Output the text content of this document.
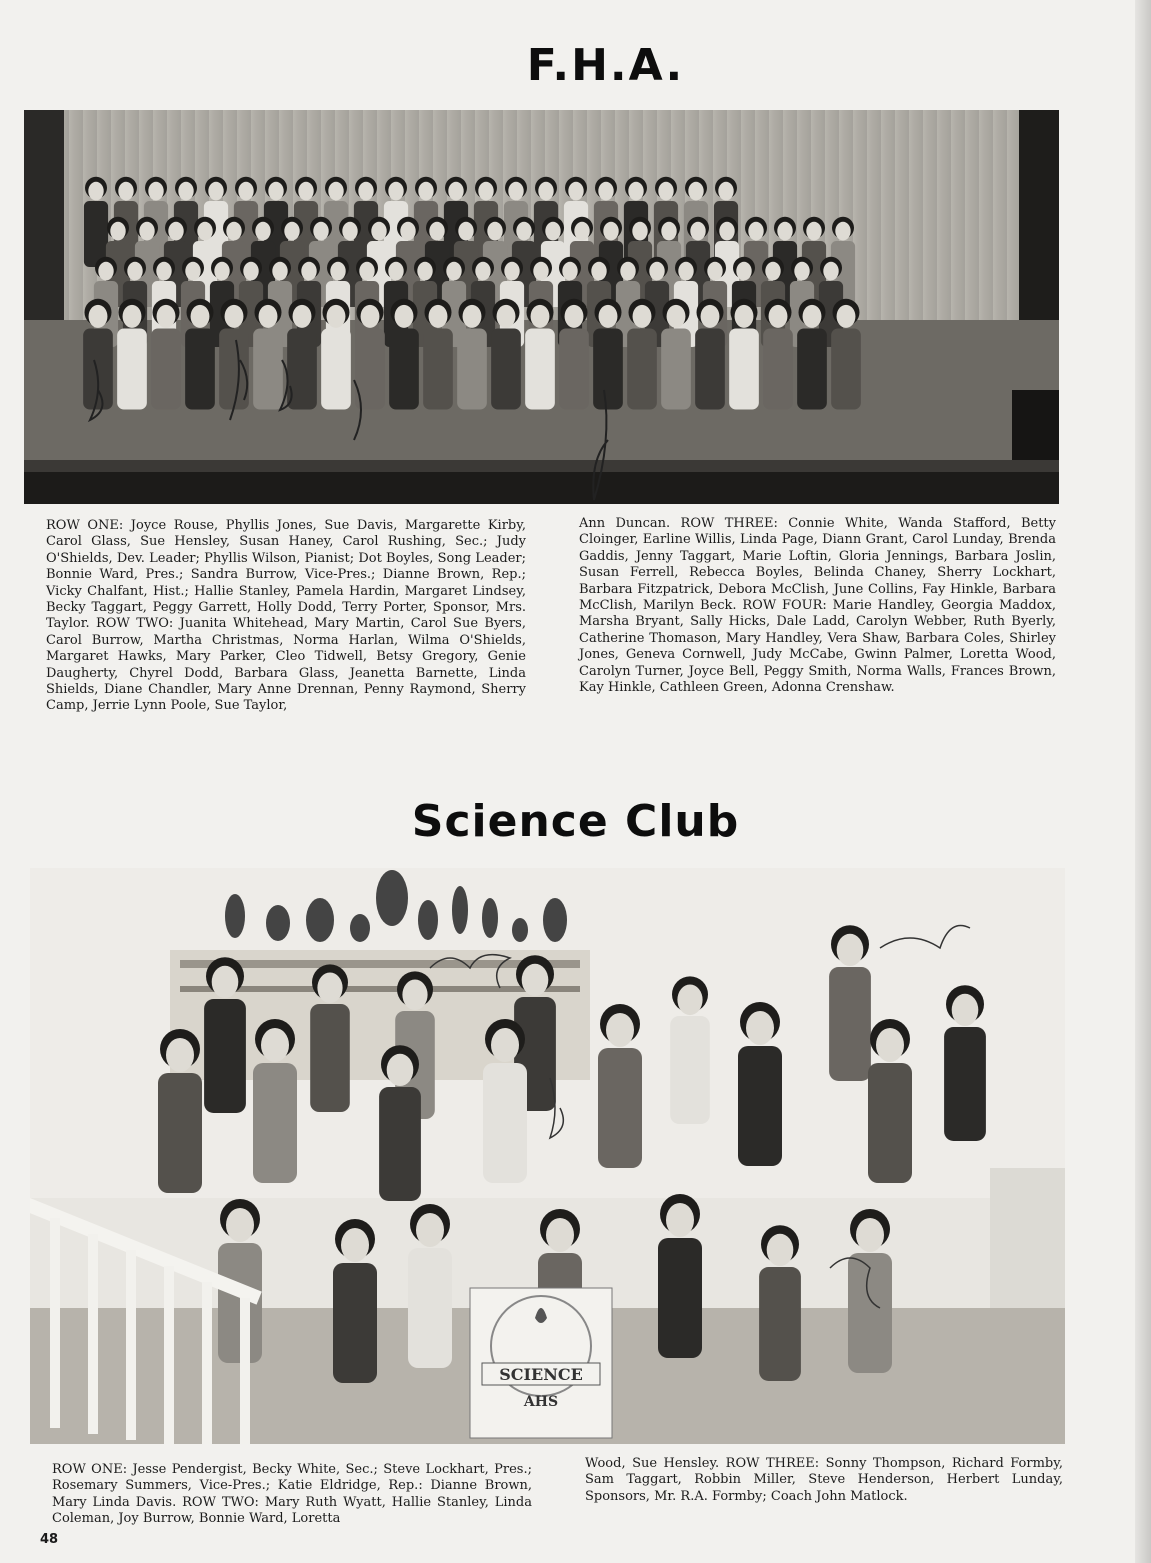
F.H.A.

ROW ONE: Joyce Rouse, Phyllis Jones, Sue Davis, Margarette Kirby, Carol Glass, Sue Hensley, Susan Haney, Carol Rushing, Sec.; Judy O'Shields, Dev. Leader; Phyllis Wilson, Pianist; Dot Boyles, Song Leader; Bonnie Ward, Pres.; Sandra Burrow, Vice-Pres.; Dianne Brown, Rep.; Vicky Chalfant, Hist.; Hallie Stanley, Pamela Hardin, Margaret Lindsey, Becky Taggart, Peggy Garrett, Holly Dodd, Terry Porter, Sponsor, Mrs. Taylor. ROW TWO: Juanita Whitehead, Mary Martin, Carol Sue Byers, Carol Burrow, Martha Christmas, Norma Harlan, Wilma O'Shields, Margaret Hawks, Mary Parker, Cleo Tidwell, Betsy Gregory, Genie Daugherty, Chyrel Dodd, Barbara Glass, Jeanetta Barnette, Linda Shields, Diane Chandler, Mary Anne Drennan, Penny Raymond, Sherry Camp, Jerrie Lynn Poole, Sue Taylor,

Ann Duncan. ROW THREE: Connie White, Wanda Stafford, Betty Cloinger, Earline Willis, Linda Page, Diann Grant, Carol Lunday, Brenda Gaddis, Jenny Taggart, Marie Loftin, Gloria Jennings, Barbara Joslin, Susan Ferrell, Rebecca Boyles, Belinda Chaney, Sherry Lockhart, Barbara Fitzpatrick, Debora McClish, June Collins, Fay Hinkle, Barbara McClish, Marilyn Beck. ROW FOUR: Marie Handley, Georgia Maddox, Marsha Bryant, Sally Hicks, Dale Ladd, Carolyn Webber, Ruth Byerly, Catherine Thomason, Mary Handley, Vera Shaw, Barbara Coles, Shirley Jones, Geneva Cornwell, Judy McCabe, Gwinn Palmer, Loretta Wood, Carolyn Turner, Joyce Bell, Peggy Smith, Norma Walls, Frances Brown, Kay Hinkle, Cathleen Green, Adonna Crenshaw.

Science Club
SCIENCE
AHS

ROW ONE: Jesse Pendergist, Becky White, Sec.; Steve Lockhart, Pres.; Rosemary Summers, Vice-Pres.; Katie Eldridge, Rep.: Dianne Brown, Mary Linda Davis. ROW TWO: Mary Ruth Wyatt, Hallie Stanley, Linda Coleman, Joy Burrow, Bonnie Ward, Loretta

Wood, Sue Hensley. ROW THREE: Sonny Thompson, Richard Formby, Sam Taggart, Robbin Miller, Steve Henderson, Herbert Lunday, Sponsors, Mr. R.A. Formby; Coach John Matlock.

48
